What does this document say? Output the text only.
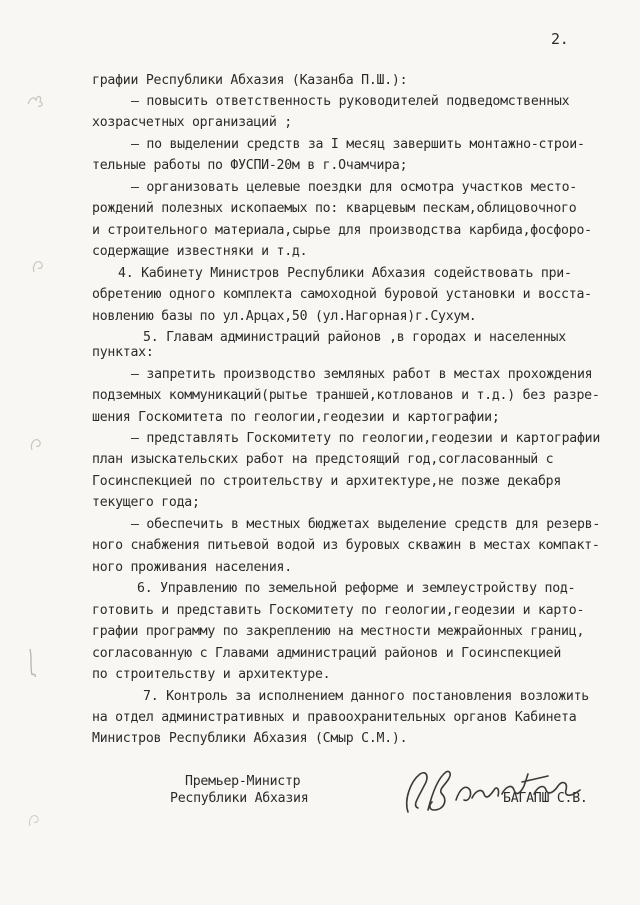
2.
графии Республики Абхазия (Казанба П.Ш.):
– повысить ответственность руководителей подведомственных
хозрасчетных организаций ;
– по выделении средств за I месяц завершить монтажно-строи-
тельные работы по ФУСПИ-20м в г.Очамчира;
– организовать целевые поездки для осмотра участков место-
рождений полезных ископаемых по: кварцевым пескам,облицовочного
и строительного материала,сырье для производства карбида,фосфоро-
содержащие известняки и т.д.
4. Кабинету Министров Республики Абхазия содействовать при-
обретению одного комплекта самоходной буровой установки и восста-
новлению базы по ул.Арцах,50 (ул.Нагорная)г.Сухум.
5. Главам администраций районов ,в городах и населенных
пунктах:
– запретить производство земляных работ в местах прохождения
подземных коммуникаций(рытье траншей,котлованов и т.д.) без разре-
шения Госкомитета по геологии,геодезии и картографии;
– представлять Госкомитету по геологии,геодезии и картографии
план изыскательских работ на предстоящий год,согласованный с
Госинспекцией по строительству и архитектуре,не позже декабря
текущего года;
– обеспечить в местных бюджетах выделение средств для резерв-
ного снабжения питьевой водой из буровых скважин в местах компакт-
ного проживания населения.
6. Управлению по земельной реформе и землеустройству под-
готовить и представить Госкомитету по геологии,геодезии и карто-
графии программу по закреплению на местности межрайонных границ,
согласованную с Главами администраций районов и Госинспекцией
по строительству и архитектуре.
7. Контроль за исполнением данного постановления возложить
на отдел административных и правоохранительных органов Кабинета
Министров Республики Абхазия (Смыр С.М.).
Премьер-Министр
Республики Абхазия	БАГАПШ С.В.
